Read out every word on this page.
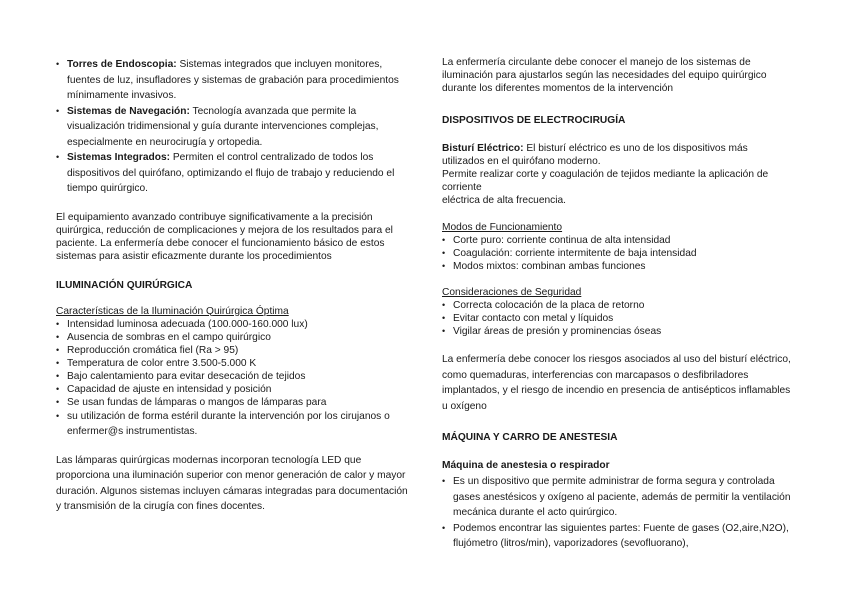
• Torres de Endoscopia: Sistemas integrados que incluyen monitores, fuentes de luz, insufladores y sistemas de grabación para procedimientos mínimamente invasivos.
• Sistemas de Navegación: Tecnología avanzada que permite la visualización tridimensional y guía durante intervenciones complejas, especialmente en neurocirugía y ortopedia.
• Sistemas Integrados: Permiten el control centralizado de todos los dispositivos del quirófano, optimizando el flujo de trabajo y reduciendo el tiempo quirúrgico.

El equipamiento avanzado contribuye significativamente a la precisión quirúrgica, reducción de complicaciones y mejora de los resultados para el paciente. La enfermería debe conocer el funcionamiento básico de estos sistemas para asistir eficazmente durante los procedimientos

ILUMINACIÓN QUIRÚRGICA

Características de la Iluminación Quirúrgica Óptima

• Intensidad luminosa adecuada (100.000-160.000 lux)
• Ausencia de sombras en el campo quirúrgico
• Reproducción cromática fiel (Ra > 95)
• Temperatura de color entre 3.500-5.000 K
• Bajo calentamiento para evitar desecación de tejidos
• Capacidad de ajuste en intensidad y posición
• Se usan fundas de lámparas o mangos de lámparas para
• su utilización de forma estéril durante la intervención por los cirujanos o enfermer@s instrumentistas.

Las lámparas quirúrgicas modernas incorporan tecnología LED que proporciona una iluminación superior con menor generación de calor y mayor duración. Algunos sistemas incluyen cámaras integradas para documentación y transmisión de la cirugía con fines docentes.

La enfermería circulante debe conocer el manejo de los sistemas de iluminación para ajustarlos según las necesidades del equipo quirúrgico durante los diferentes momentos de la intervención

DISPOSITIVOS DE ELECTROCIRUGÍA

Bisturí Eléctrico: El bisturí eléctrico es uno de los dispositivos más utilizados en el quirófano moderno.
Permite realizar corte y coagulación de tejidos mediante la aplicación de corriente
eléctrica de alta frecuencia.

Modos de Funcionamiento

• Corte puro: corriente continua de alta intensidad
• Coagulación: corriente intermitente de baja intensidad
• Modos mixtos: combinan ambas funciones

Consideraciones de Seguridad

• Correcta colocación de la placa de retorno
• Evitar contacto con metal y líquidos
• Vigilar áreas de presión y prominencias óseas

La enfermería debe conocer los riesgos asociados al uso del bisturí eléctrico, como quemaduras, interferencias con marcapasos o desfibriladores implantados, y el riesgo de incendio en presencia de antisépticos inflamables u oxígeno

MÁQUINA Y CARRO DE ANESTESIA

Máquina de anestesia o respirador

• Es un dispositivo que permite administrar de forma segura y controlada gases anestésicos y oxígeno al paciente, además de permitir la ventilación mecánica durante el acto quirúrgico.
• Podemos encontrar las siguientes partes: Fuente de gases (O2,aire,N2O), flujómetro (litros/min), vaporizadores (sevofluorano),
